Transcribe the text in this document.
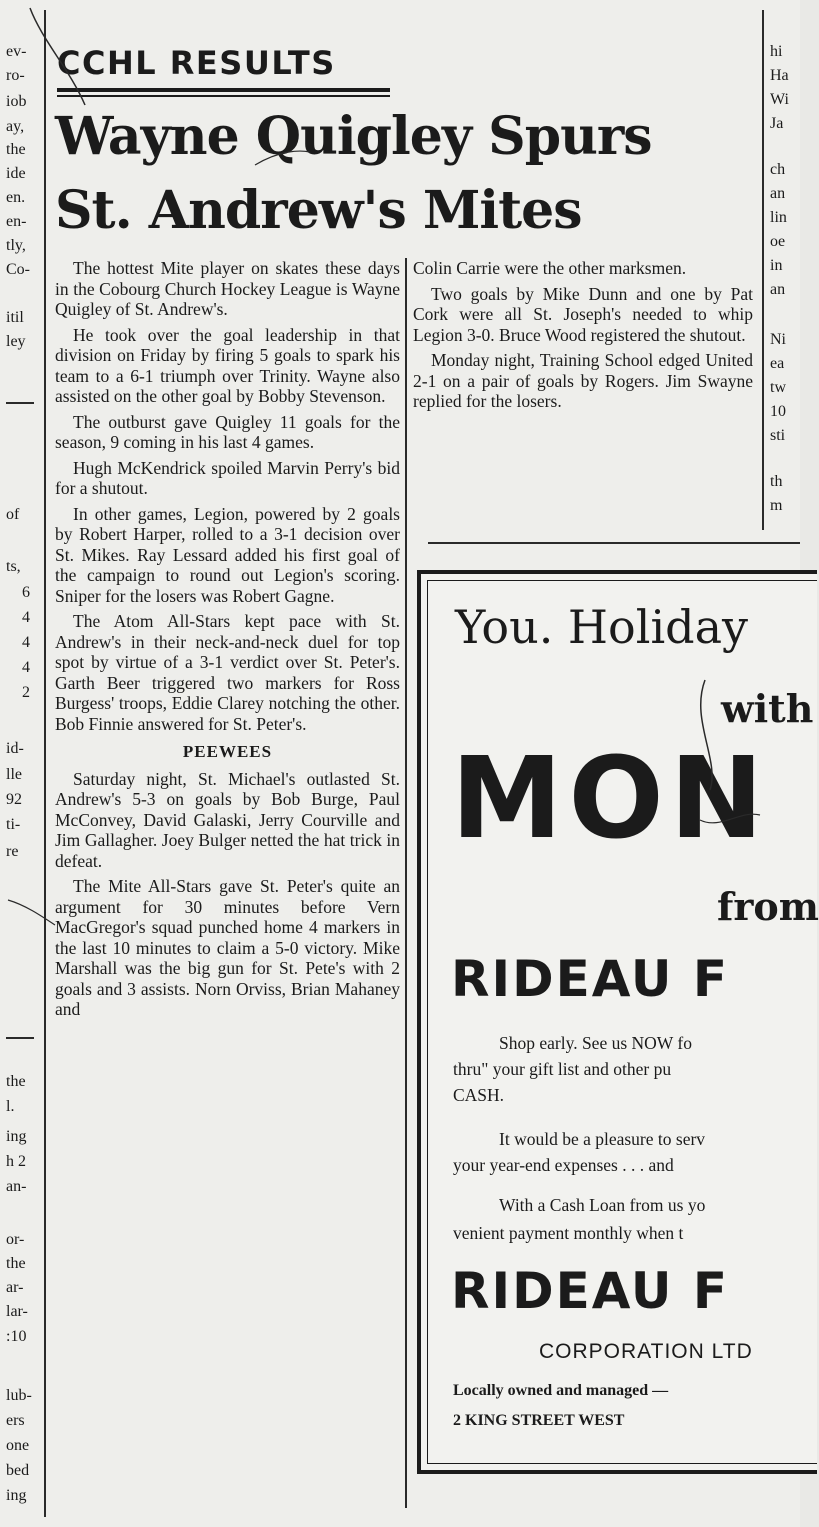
ev-
ro-
iob
ay,
the
ide
en.
en-
tly,
Co-
itil
ley
of
ts,
6
4
4
4
2
id-
lle
92
ti-
re
the
l.
ing
h 2
an-
or-
the
ar-
lar-
:10
lub-
ers
one
bed
ing
hi
Ha
Wi
Ja
ch
an
lin
oe
in
an
Ni
ea
tw
10
sti
th
m
CCHL RESULTS
Wayne Quigley Spurs
St. Andrew's Mites

The hottest Mite player on skates these days in the Cobourg Church Hockey League is Wayne Quigley of St. Andrew's.

He took over the goal leadership in that division on Friday by firing 5 goals to spark his team to a 6-1 triumph over Trinity. Wayne also assisted on the other goal by Bobby Stevenson.

The outburst gave Quigley 11 goals for the season, 9 coming in his last 4 games.

Hugh McKendrick spoiled Marvin Perry's bid for a shutout.

In other games, Legion, powered by 2 goals by Robert Harper, rolled to a 3-1 decision over St. Mikes. Ray Lessard added his first goal of the campaign to round out Legion's scoring. Sniper for the losers was Robert Gagne.

The Atom All-Stars kept pace with St. Andrew's in their neck-and-neck duel for top spot by virtue of a 3-1 verdict over St. Peter's. Garth Beer triggered two markers for Ross Burgess' troops, Eddie Clarey notching the other. Bob Finnie answered for St. Peter's.

PEEWEES

Saturday night, St. Michael's outlasted St. Andrew's 5-3 on goals by Bob Burge, Paul McConvey, David Galaski, Jerry Courville and Jim Gallagher. Joey Bulger netted the hat trick in defeat.

The Mite All-Stars gave St. Peter's quite an argument for 30 minutes before Vern MacGregor's squad punched home 4 markers in the last 10 minutes to claim a 5-0 victory. Mike Marshall was the big gun for St. Pete's with 2 goals and 3 assists. Norn Orviss, Brian Mahaney and

Colin Carrie were the other marksmen.

Two goals by Mike Dunn and one by Pat Cork were all St. Joseph's needed to whip Legion 3-0. Bruce Wood registered the shutout.

Monday night, Training School edged United 2-1 on a pair of goals by Rogers. Jim Swayne replied for the losers.

You. Holiday
with
MON
from
RIDEAU F
Shop early. See us NOW fo
thru" your gift list and other pu
CASH.
It would be a pleasure to serv
your year-end expenses . . . and
With a Cash Loan from us yo
venient payment monthly when t
RIDEAU F
CORPORATION LTD
Locally owned and managed —
2 KING STREET WEST
